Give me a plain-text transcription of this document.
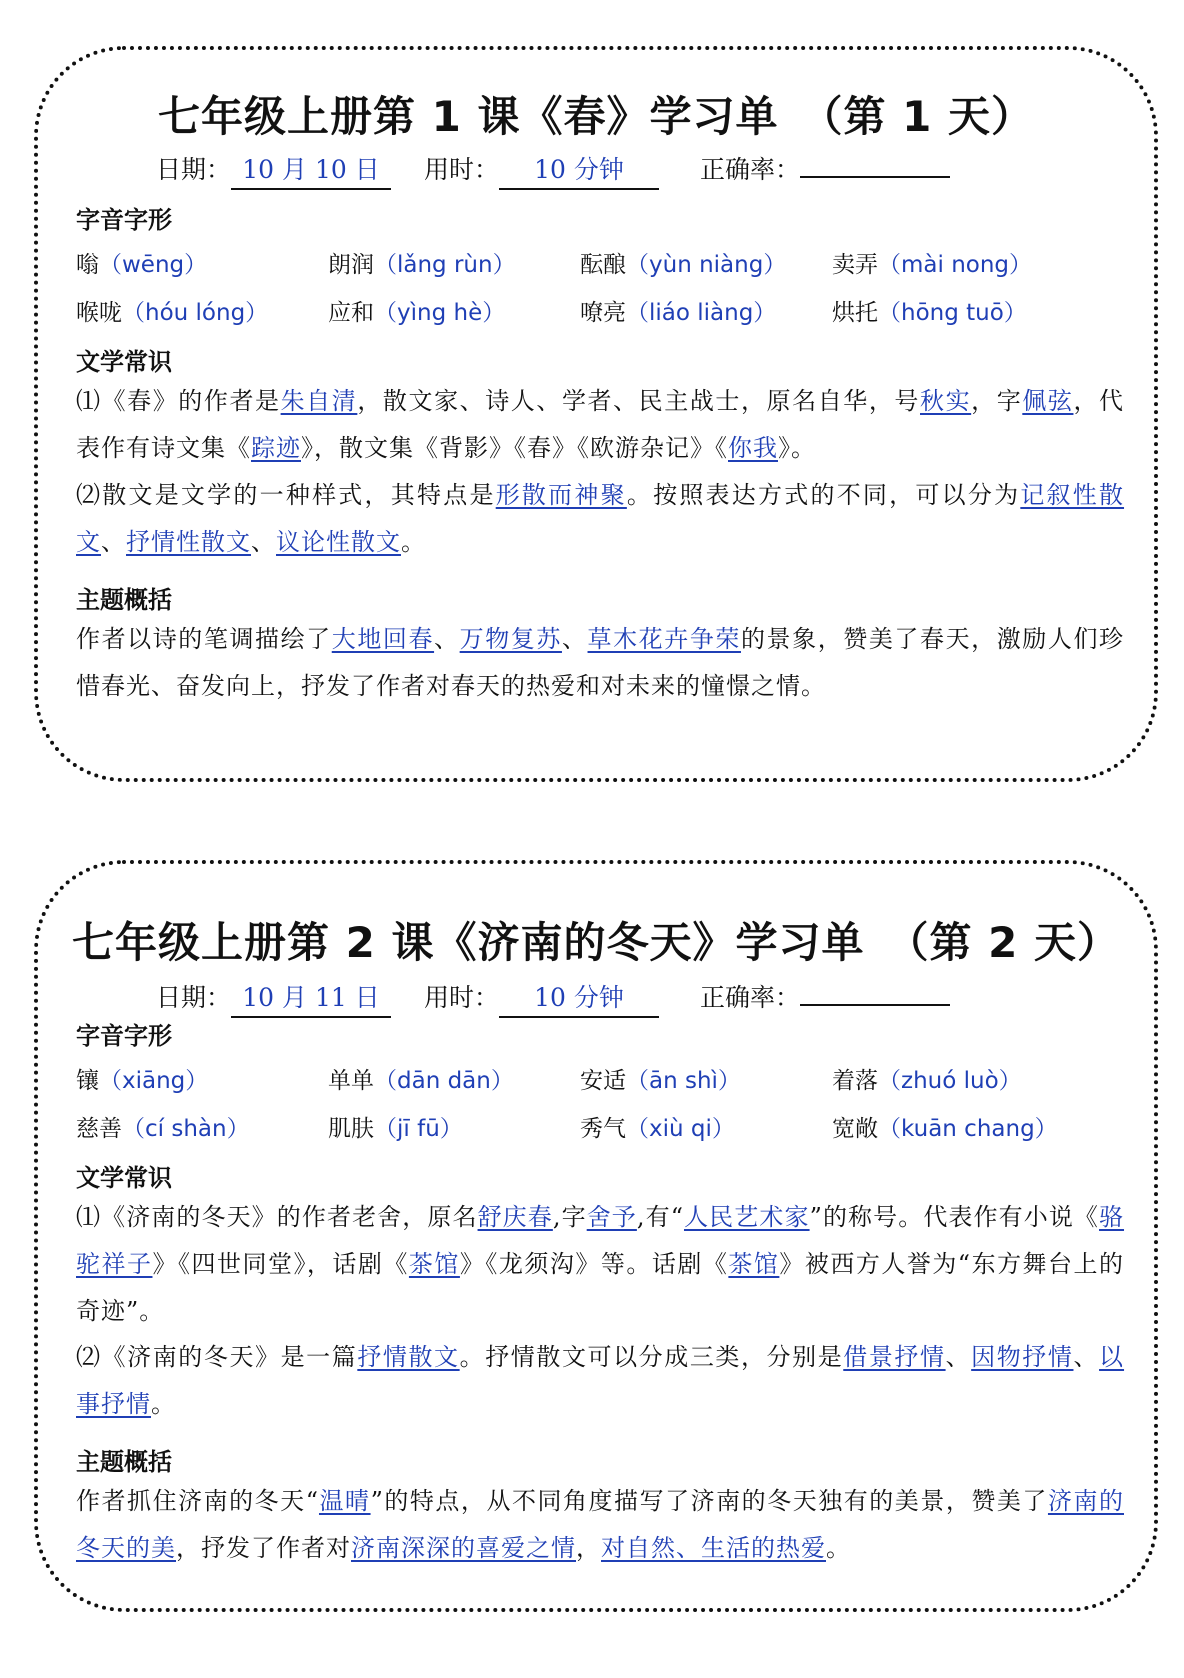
七年级上册第 1 课《春》学习单　（第 1 天）
日期： 10 月 10 日	用时： 10 分钟	正确率：
字音字形
嗡（wēng）	朗润（lǎng rùn）	酝酿（yùn niàng） 卖弄（mài nong）
喉咙（hóu lóng）	应和（yìng hè）	嘹亮（liáo liàng） 烘托（hōng tuō）
文学常识
⑴《春》的作者是朱自清，散文家、诗人、学者、民主战士，原名自华，号秋实，字佩弦，代表作有诗文集《踪迹》，散文集《背影》《春》《欧游杂记》《你我》。
⑵散文是文学的一种样式，其特点是形散而神聚。按照表达方式的不同，可以分为记叙性散文、抒情性散文、议论性散文。
主题概括
作者以诗的笔调描绘了大地回春、万物复苏、草木花卉争荣的景象，赞美了春天，激励人们珍惜春光、奋发向上，抒发了作者对春天的热爱和对未来的憧憬之情。
七年级上册第 2 课《济南的冬天》学习单　（第 2 天）
日期： 10 月 11 日	用时： 10 分钟	正确率：
字音字形
镶（xiāng）	单单（dān dān）	安适（ān shì）	着落（zhuó luò）
慈善（cí shàn）	肌肤（jī fū）	秀气（xiù qi）	宽敞（kuān chang）
文学常识
⑴《济南的冬天》的作者老舍，原名舒庆春,字舍予,有“人民艺术家”的称号。代表作有小说《骆驼祥子》《四世同堂》，话剧《茶馆》《龙须沟》等。话剧《茶馆》被西方人誉为“东方舞台上的奇迹”。
⑵《济南的冬天》是一篇抒情散文。抒情散文可以分成三类，分别是借景抒情、因物抒情、以事抒情。
主题概括
作者抓住济南的冬天“温晴”的特点，从不同角度描写了济南的冬天独有的美景，赞美了济南的冬天的美，抒发了作者对济南深深的喜爱之情，对自然、生活的热爱。
